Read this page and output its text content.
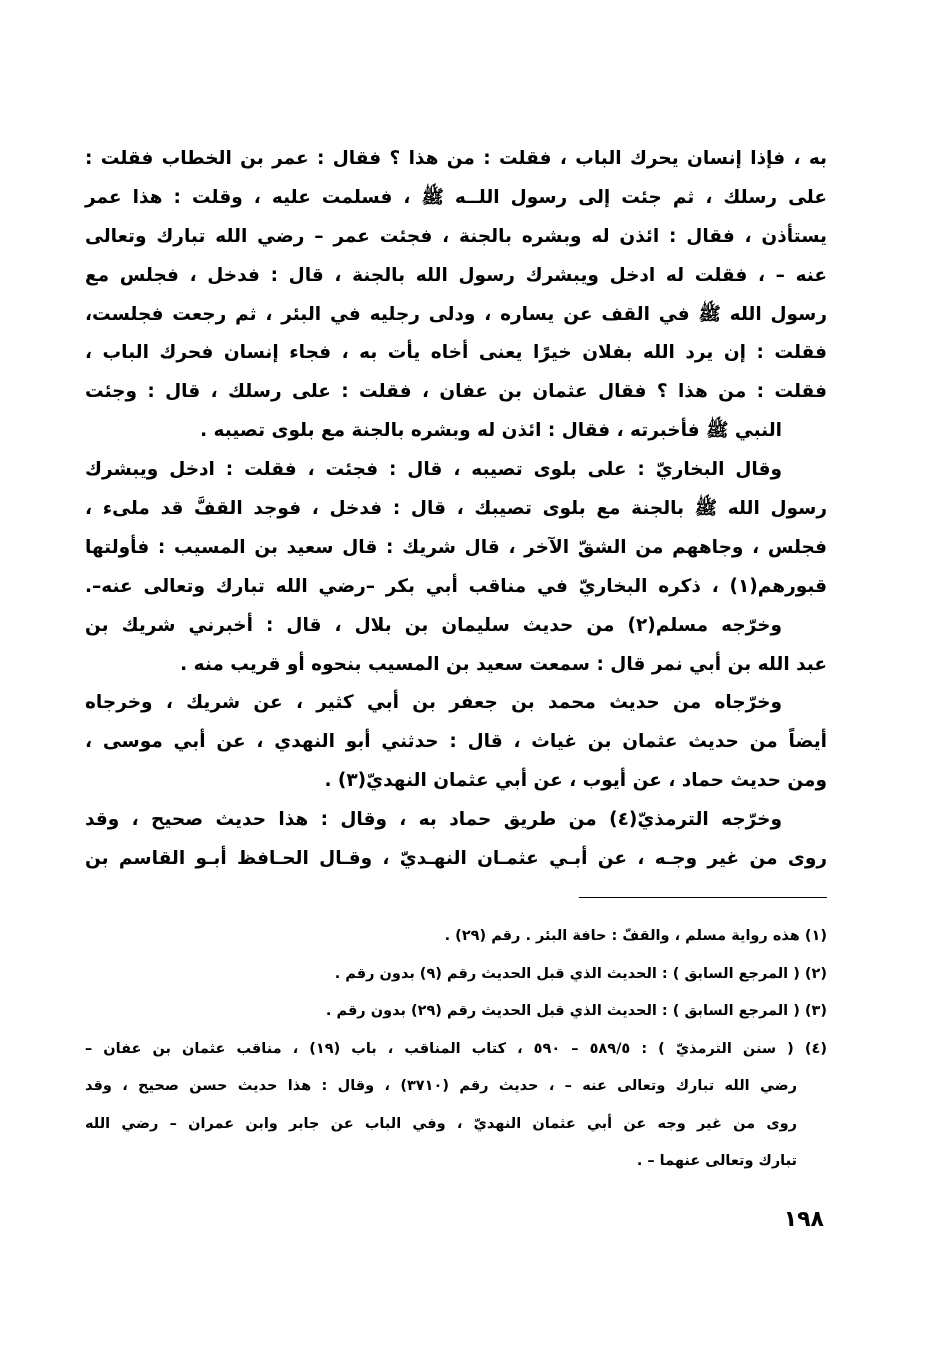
به ، فإذا إنسان يحرك الباب ، فقلت : من هذا ؟ فقال : عمر بن الخطاب فقلت :
على رسلك ، ثم جئت إلى رسول اللــه ﷺ ، فسلمت عليه ، وقلت : هذا عمر
يستأذن ، فقال : ائذن له وبشره بالجنة ، فجئت عمر – رضي الله تبارك وتعالى
عنه – ، فقلت له ادخل ويبشرك رسول الله بالجنة ، قال : فدخل ، فجلس مع
رسول الله ﷺ في القف عن يساره ، ودلى رجليه في البئر ، ثم رجعت فجلست،
فقلت : إن يرد الله بفلان خيرًا يعنى أخاه يأت به ، فجاء إنسان فحرك الباب ،
فقلت : من هذا ؟ فقال عثمان بن عفان ، فقلت : على رسلك ، قال : وجئت
النبي ﷺ فأخبرته ، فقال : ائذن له وبشره بالجنة مع بلوى تصيبه .
وقال البخاريّ : على بلوى تصيبه ، قال : فجئت ، فقلت : ادخل ويبشرك
رسول الله ﷺ بالجنة مع بلوى تصيبك ، قال : فدخل ، فوجد القفَّ قد ملىء ،
فجلس ، وجاههم من الشقّ الآخر ، قال شريك : قال سعيد بن المسيب : فأولتها
قبورهم(١) ، ذكره البخاريّ في مناقب أبي بكر –رضي الله تبارك وتعالى عنه–.
وخرّجه مسلم(٢) من حديث سليمان بن بلال ، قال : أخبرني شريك بن
عبد الله بن أبي نمر قال : سمعت سعيد بن المسيب بنحوه أو قريب منه .
وخرّجاه من حديث محمد بن جعفر بن أبي كثير ، عن شريك ، وخرجاه
أيضاً من حديث عثمان بن غياث ، قال : حدثني أبو النهدي ، عن أبي موسى ،
ومن حديث حماد ، عن أيوب ، عن أبي عثمان النهديّ(٣) .
وخرّجه الترمذيّ(٤) من طريق حماد به ، وقال : هذا حديث صحيح ، وقد
روى من غير وجـه ، عن أبـي عثمـان النهـديّ ، وقـال الحـافظ أبـو القاسم بن
(١) هذه رواية مسلم ، والقفّ : حافة البئر . رقم (٢٩) .
(٢) ( المرجع السابق ) : الحديث الذي قبل الحديث رقم (٩) بدون رقم .
(٣) ( المرجع السابق ) : الحديث الذي قبل الحديث رقم (٢٩) بدون رقم .
(٤) ( سنن الترمذيّ ) : ٥٨٩/٥ – ٥٩٠ ، كتاب المناقب ، باب (١٩) ، مناقب عثمان بن عفان –
رضي الله تبارك وتعالى عنه – ، حديث رقم (٣٧١٠) ، وقال : هذا حديث حسن صحيح ، وقد
روى من غير وجه عن أبي عثمان النهديّ ، وفي الباب عن جابر وابن عمران – رضي الله
تبارك وتعالى عنهما – .
١٩٨
